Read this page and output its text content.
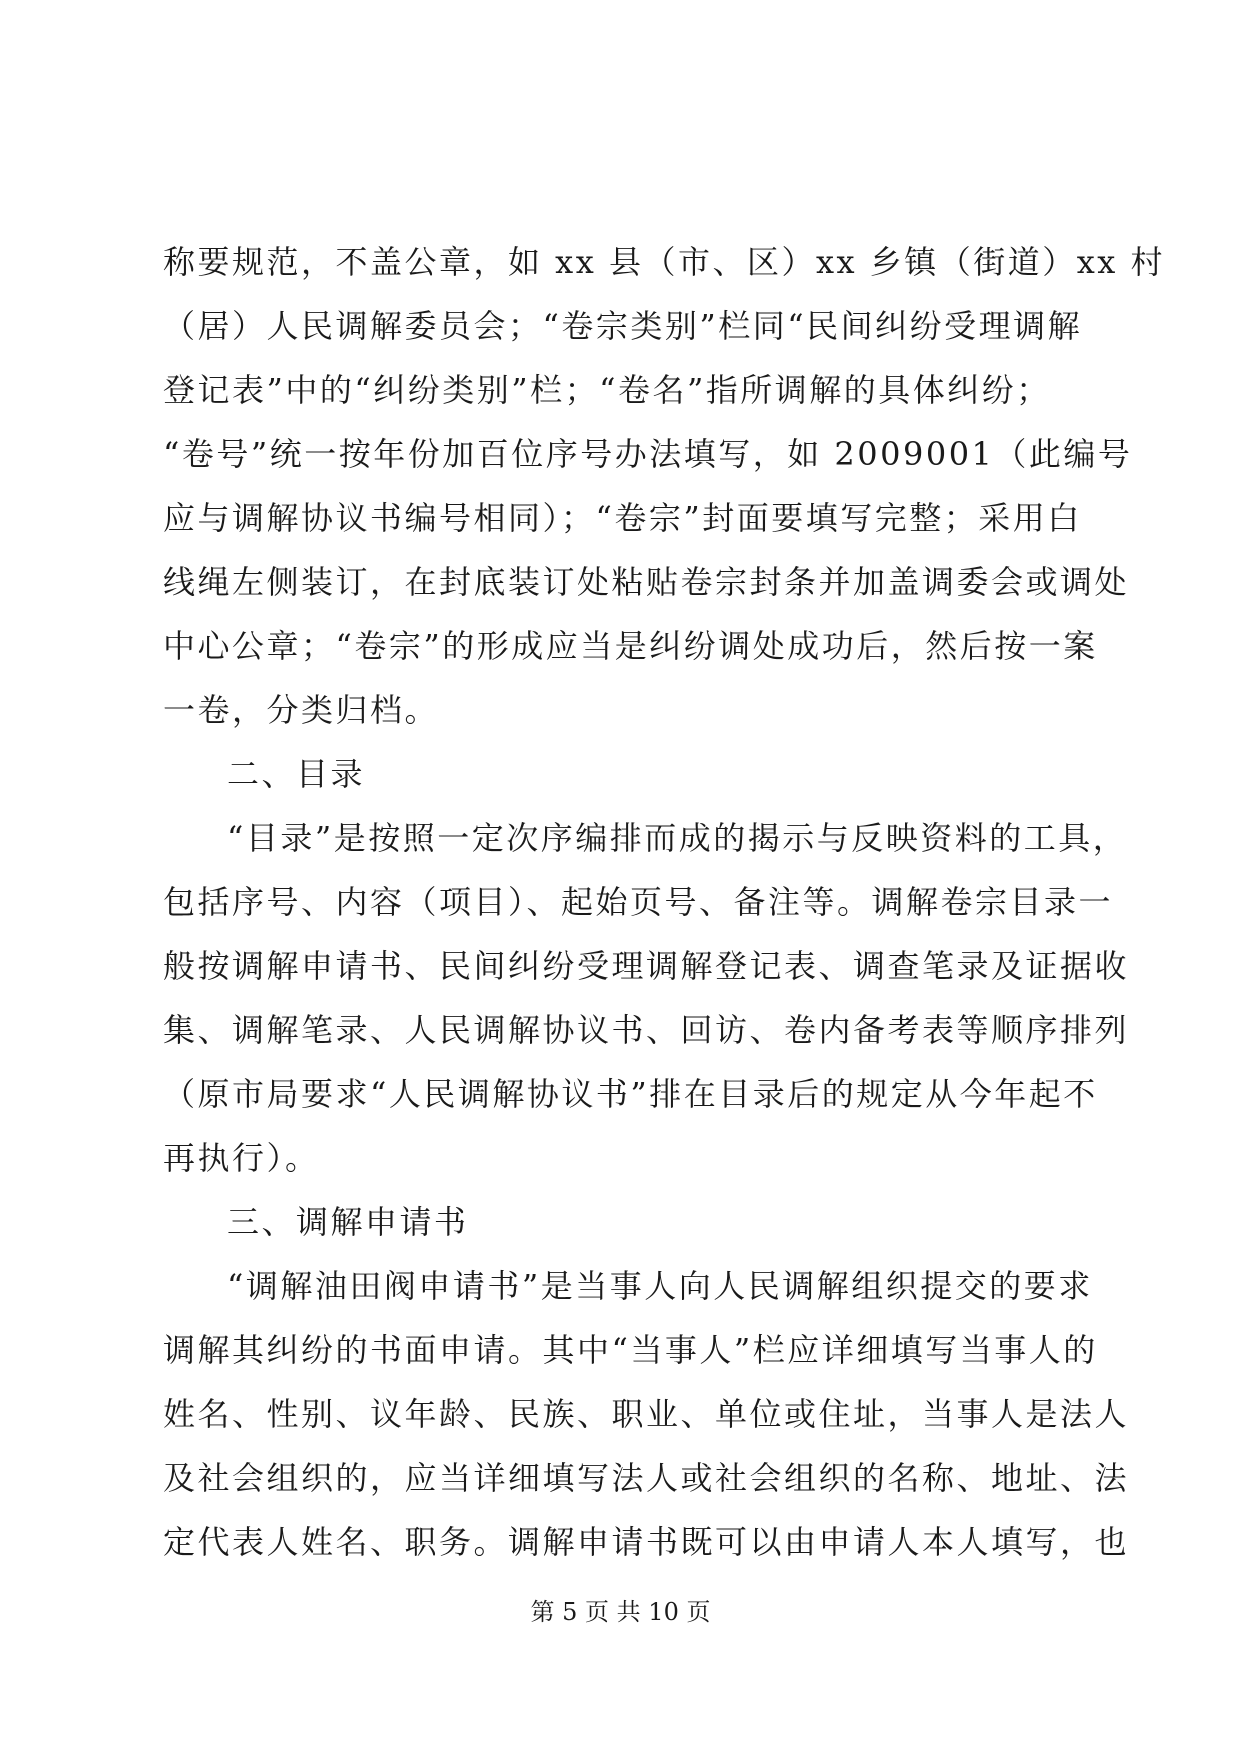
称要规范，不盖公章，如 xx 县（市、区）xx 乡镇（街道）xx 村
（居）人民调解委员会；“卷宗类别”栏同“民间纠纷受理调解
登记表”中的“纠纷类别”栏；“卷名”指所调解的具体纠纷；
“卷号”统一按年份加百位序号办法填写，如 2009001（此编号
应与调解协议书编号相同）；“卷宗”封面要填写完整；采用白
线绳左侧装订，在封底装订处粘贴卷宗封条并加盖调委会或调处
中心公章；“卷宗”的形成应当是纠纷调处成功后，然后按一案
一卷，分类归档。
二、目录
“目录”是按照一定次序编排而成的揭示与反映资料的工具，
包括序号、内容（项目）、起始页号、备注等。调解卷宗目录一
般按调解申请书、民间纠纷受理调解登记表、调查笔录及证据收
集、调解笔录、人民调解协议书、回访、卷内备考表等顺序排列
（原市局要求“人民调解协议书”排在目录后的规定从今年起不
再执行）。
三、调解申请书
“调解油田阀申请书”是当事人向人民调解组织提交的要求
调解其纠纷的书面申请。其中“当事人”栏应详细填写当事人的
姓名、性别、议年龄、民族、职业、单位或住址，当事人是法人
及社会组织的，应当详细填写法人或社会组织的名称、地址、法
定代表人姓名、职务。调解申请书既可以由申请人本人填写，也
第 5 页 共 10 页
